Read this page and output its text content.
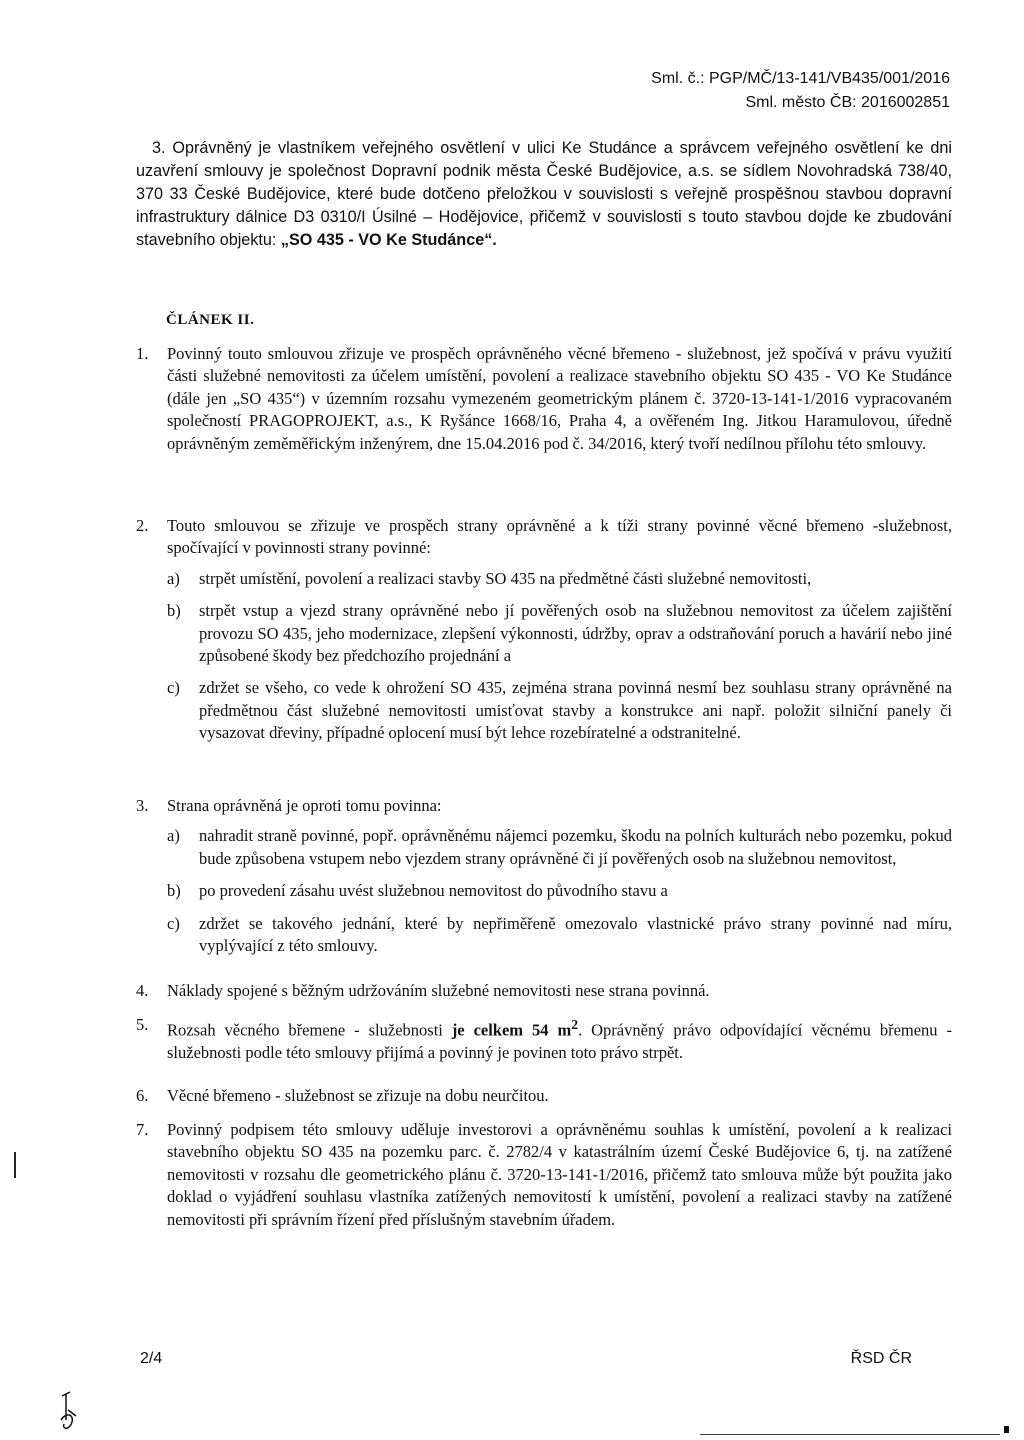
Sml. č.: PGP/MČ/13-141/VB435/001/2016
Sml. město ČB: 2016002851
3. Oprávněný je vlastníkem veřejného osvětlení v ulici Ke Studánce a správcem veřejného osvětlení ke dni uzavření smlouvy je společnost Dopravní podnik města České Budějovice, a.s. se sídlem Novohradská 738/40, 370 33 České Budějovice, které bude dotčeno přeložkou v souvislosti s veřejně prospěšnou stavbou dopravní infrastruktury dálnice D3 0310/I Úsilné – Hodějovice, přičemž v souvislosti s touto stavbou dojde ke zbudování stavebního objektu: „SO 435 - VO Ke Studánce“.
ČLÁNEK II.
1. Povinný touto smlouvou zřizuje ve prospěch oprávněného věcné břemeno - služebnost, jež spočívá v právu využití části služebné nemovitosti za účelem umístění, povolení a realizace stavebního objektu SO 435 - VO Ke Studánce (dále jen „SO 435“) v územním rozsahu vymezeném geometrickým plánem č. 3720-13-141-1/2016 vypracovaném společností PRAGOPROJEKT, a.s., K Ryšánce 1668/16, Praha 4, a ověřeném Ing. Jitkou Haramulovou, úředně oprávněným zeměměřickým inženýrem, dne 15.04.2016 pod č. 34/2016, který tvoří nedílnou přílohu této smlouvy.
2. Touto smlouvou se zřizuje ve prospěch strany oprávněné a k tíži strany povinné věcné břemeno -služebnost, spočívající v povinnosti strany povinné:
a) strpět umístění, povolení a realizaci stavby SO 435 na předmětné části služebné nemovitosti,
b) strpět vstup a vjezd strany oprávněné nebo jí pověřených osob na služebnou nemovitost za účelem zajištění provozu SO 435, jeho modernizace, zlepšení výkonnosti, údržby, oprav a odstraňování poruch a havárií nebo jiné způsobené škody bez předchozího projednání a
c) zdržet se všeho, co vede k ohrožení SO 435, zejména strana povinná nesmí bez souhlasu strany oprávněné na předmětnou část služebné nemovitosti umisťovat stavby a konstrukce ani např. položit silniční panely či vysazovat dřeviny, případné oplocení musí být lehce rozebíratelné a odstranitelné.
3. Strana oprávněná je oproti tomu povinna:
a) nahradit straně povinné, popř. oprávněnému nájemci pozemku, škodu na polních kulturách nebo pozemku, pokud bude způsobena vstupem nebo vjezdem strany oprávněné či jí pověřených osob na služebnou nemovitost,
b) po provedení zásahu uvést služebnou nemovitost do původního stavu a
c) zdržet se takového jednání, které by nepřiměřeně omezovalo vlastnické právo strany povinné nad míru, vyplývající z této smlouvy.
4. Náklady spojené s běžným udržováním služebné nemovitosti nese strana povinná.
5. Rozsah věcného břemene - služebnosti je celkem 54 $m^2$. Oprávněný právo odpovídající věcnému břemenu - služebnosti podle této smlouvy přijímá a povinný je povinen toto právo strpět.
6. Věcné břemeno - služebnost se zřizuje na dobu neurčitou.
7. Povinný podpisem této smlouvy uděluje investorovi a oprávněnému souhlas k umístění, povolení a k realizaci stavebního objektu SO 435 na pozemku parc. č. 2782/4 v katastrálním území České Budějovice 6, tj. na zatížené nemovitosti v rozsahu dle geometrického plánu č. 3720-13-141-1/2016, přičemž tato smlouva může být použita jako doklad o vyjádření souhlasu vlastníka zatížených nemovitostí k umístění, povolení a realizaci stavby na zatížené nemovitosti při správním řízení před příslušným stavebním úřadem.
2/4	ŘSD ČR
